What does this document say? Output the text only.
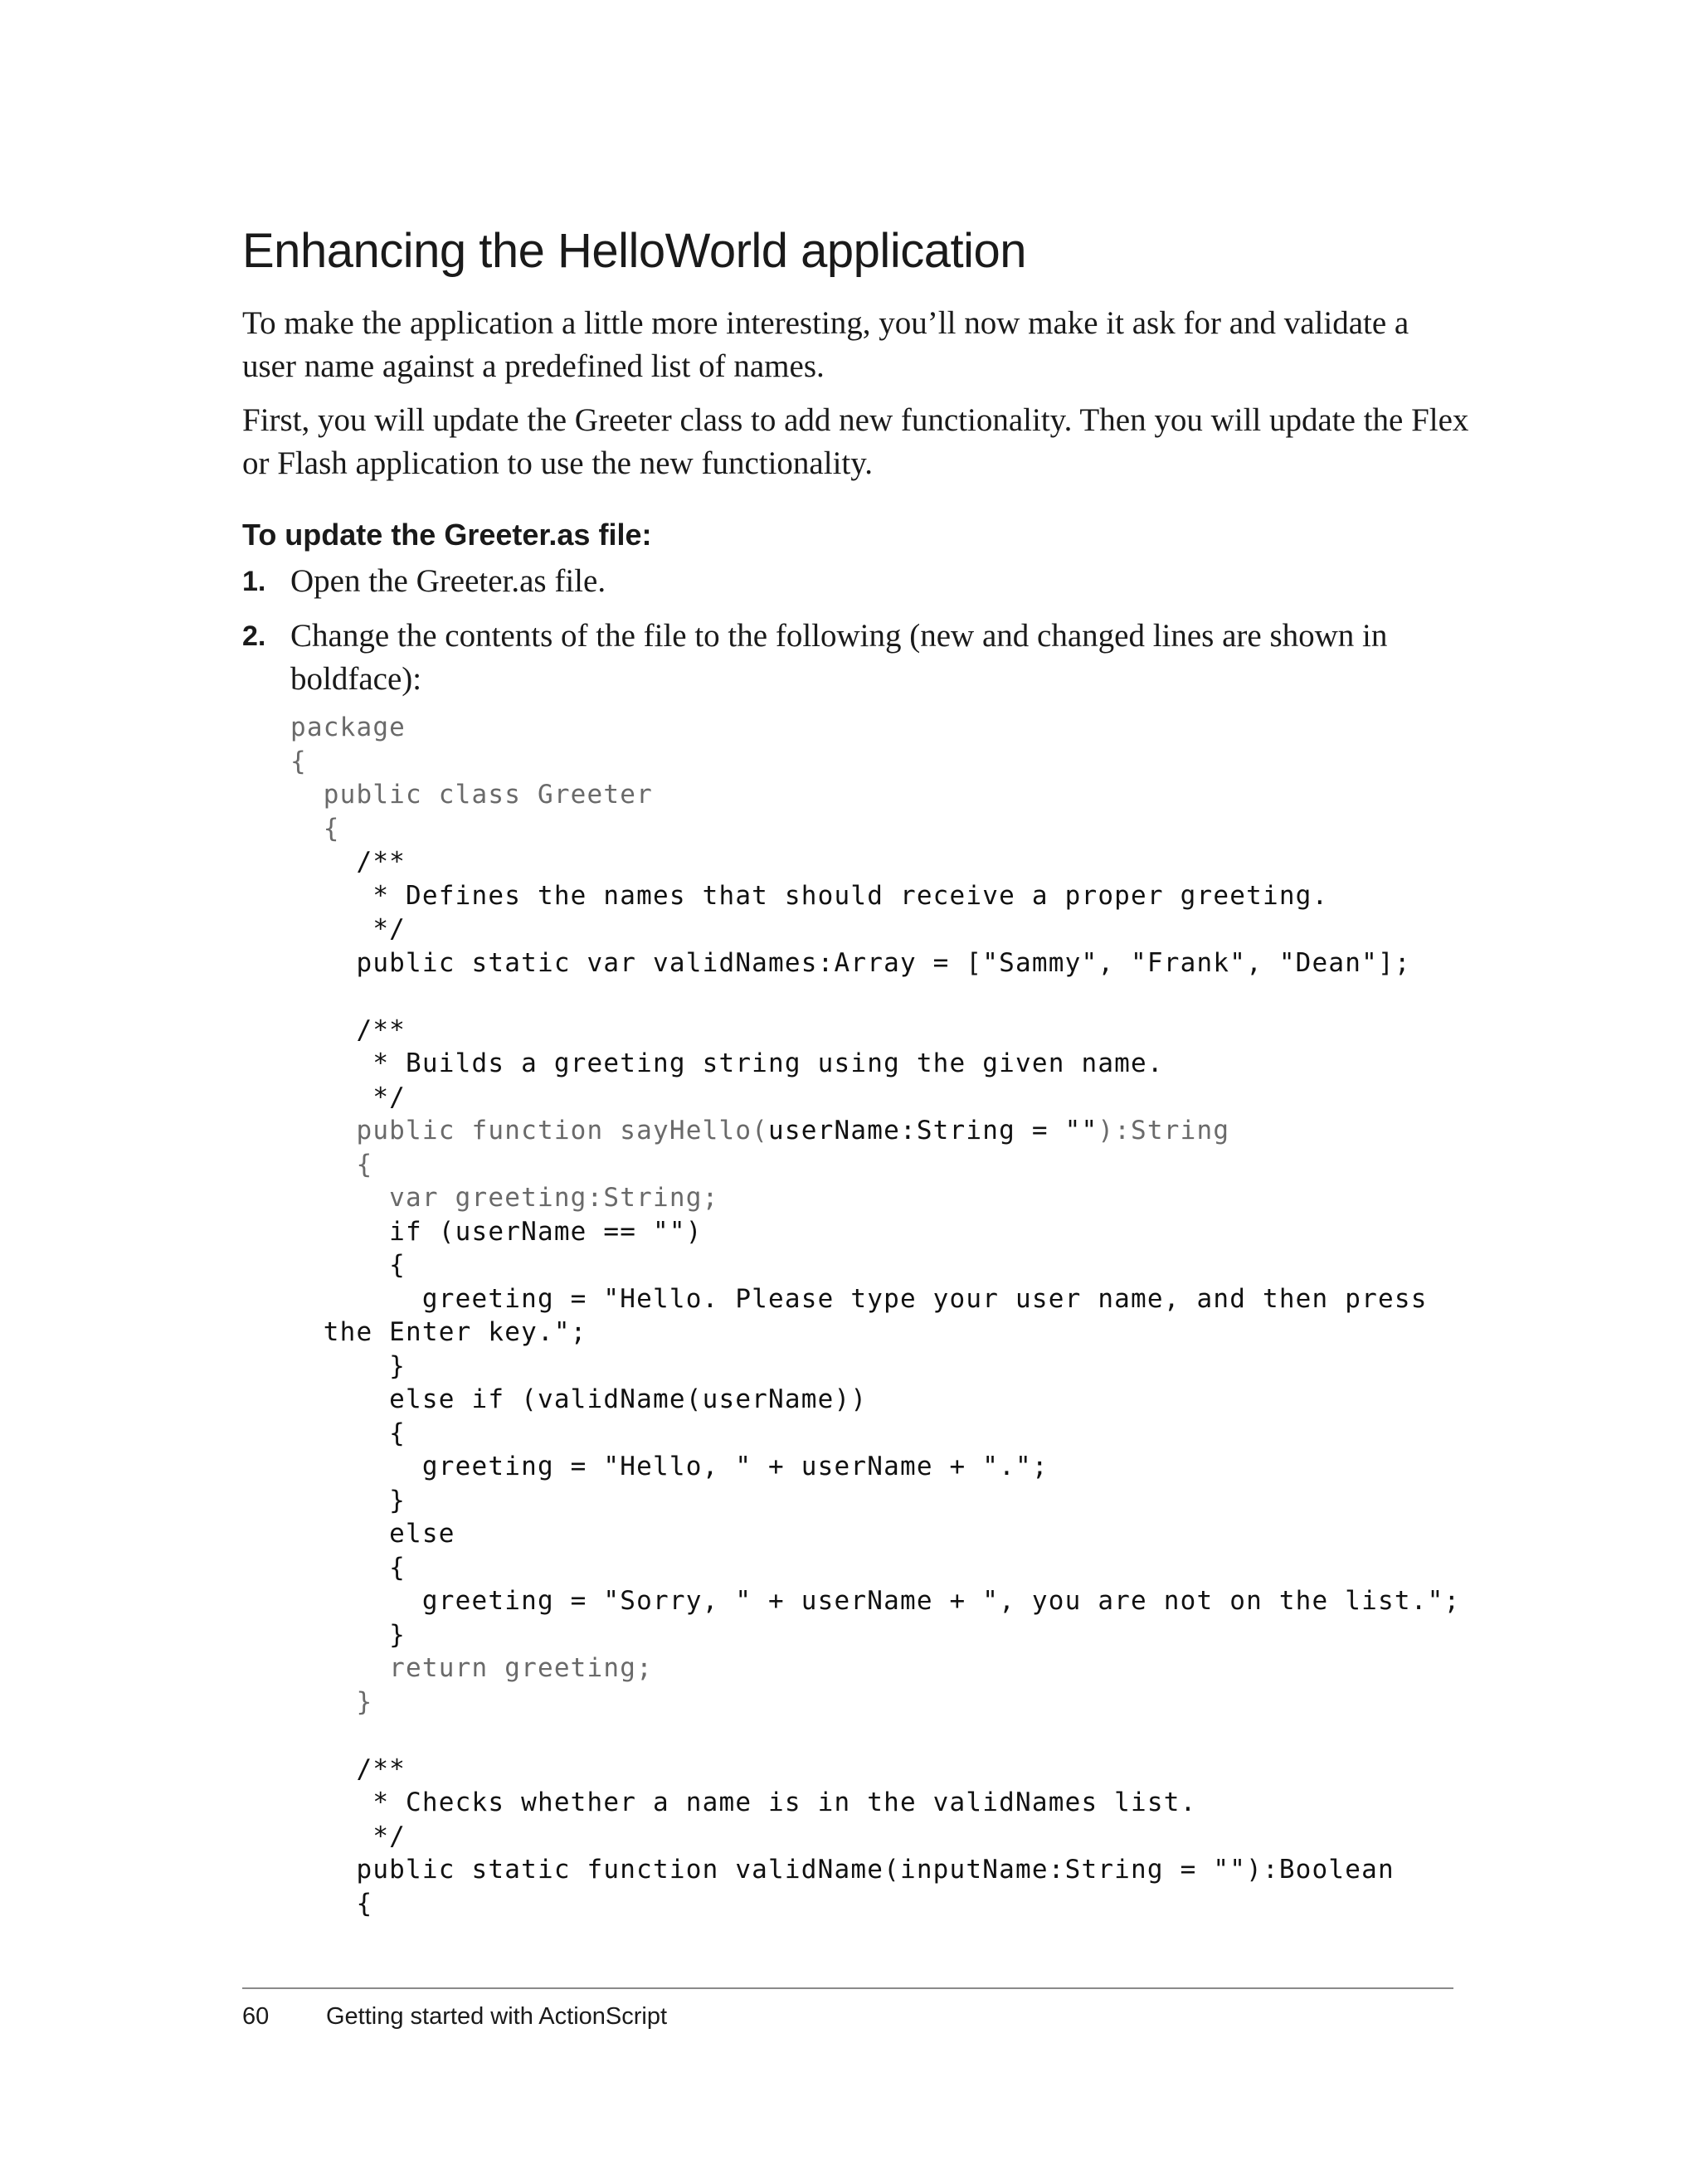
Enhancing the HelloWorld application

To make the application a little more interesting, you’ll now make it ask for and validate a user name against a predefined list of names.

First, you will update the Greeter class to add new functionality. Then you will update the Flex or Flash application to use the new functionality.

To update the Greeter.as file:
1. Open the Greeter.as file.
2. Change the contents of the file to the following (new and changed lines are shown in boldface):
package
{
public class Greeter
{
/**
* Defines the names that should receive a proper greeting.
*/
public static var validNames:Array = ["Sammy", "Frank", "Dean"];
/**
* Builds a greeting string using the given name.
*/
public function sayHello(userName:String = ""):String
{
var greeting:String;
if (userName == "")
{
greeting = "Hello. Please type your user name, and then press
the Enter key.";
}
else if (validName(userName))
{
greeting = "Hello, " + userName + ".";
}
else
{
greeting = "Sorry, " + userName + ", you are not on the list.";
}
return greeting;
}
/**
* Checks whether a name is in the validNames list.
*/
public static function validName(inputName:String = ""):Boolean
{
60 Getting started with ActionScript
